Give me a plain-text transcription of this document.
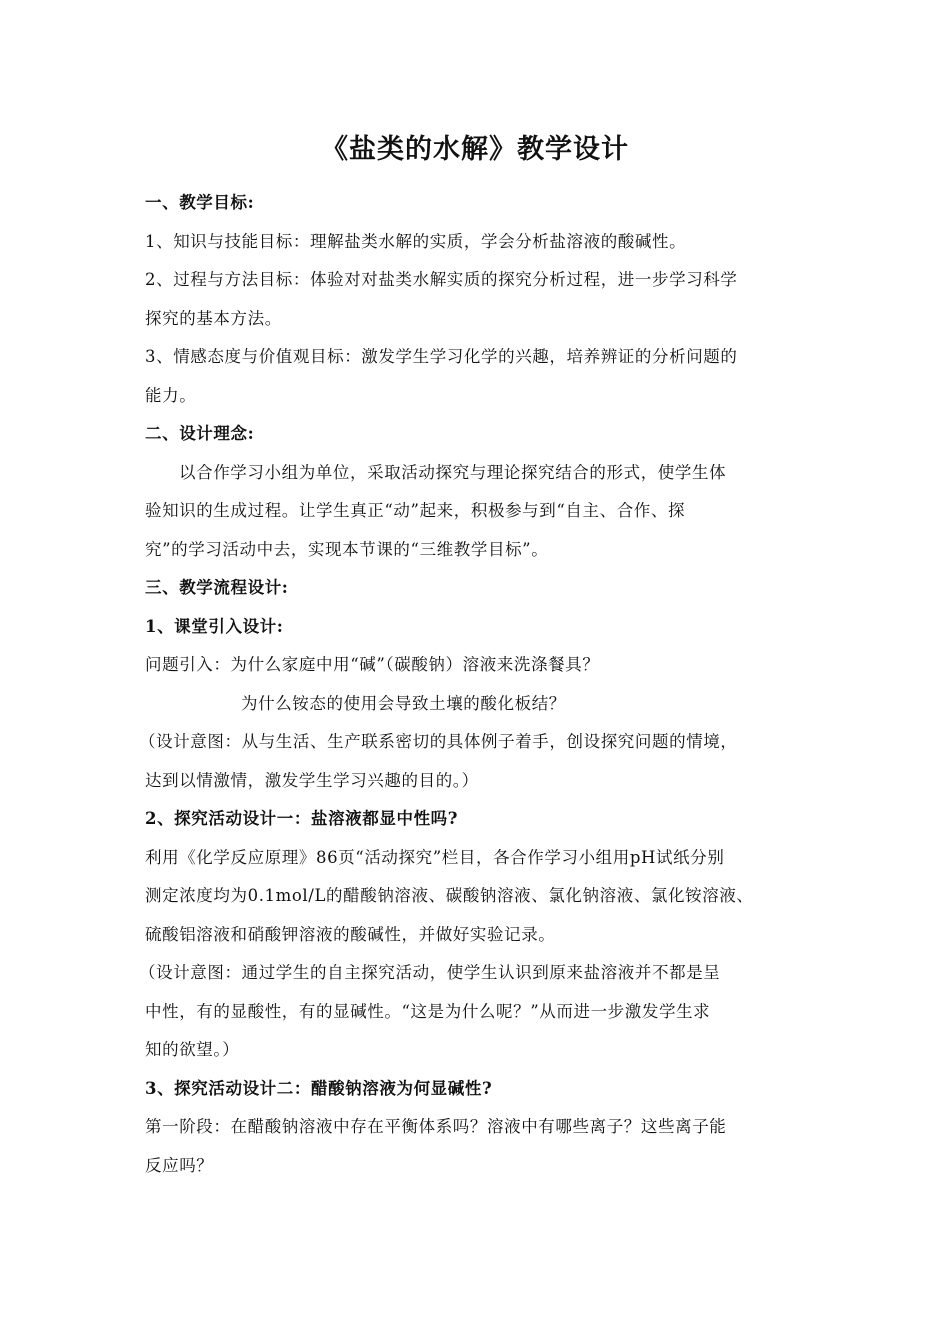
《盐类的水解》教学设计
一、教学目标:
1、知识与技能目标：理解盐类水解的实质，学会分析盐溶液的酸碱性。
2、过程与方法目标：体验对对盐类水解实质的探究分析过程，进一步学习科学
探究的基本方法。
3、情感态度与价值观目标：激发学生学习化学的兴趣，培养辨证的分析问题的
能力。
二、设计理念:
以合作学习小组为单位，采取活动探究与理论探究结合的形式，使学生体
验知识的生成过程。让学生真正“动”起来，积极参与到“自主、合作、探
究”的学习活动中去，实现本节课的“三维教学目标”。
三、教学流程设计:
1、课堂引入设计:
问题引入：为什么家庭中用“碱”（碳酸钠）溶液来洗涤餐具？
为什么铵态的使用会导致土壤的酸化板结？
（设计意图：从与生活、生产联系密切的具体例子着手，创设探究问题的情境，
达到以情激情，激发学生学习兴趣的目的。）
2、探究活动设计一：盐溶液都显中性吗?
利用《化学反应原理》86页“活动探究”栏目，各合作学习小组用pH试纸分别
测定浓度均为0.1mol/L的醋酸钠溶液、碳酸钠溶液、氯化钠溶液、氯化铵溶液、
硫酸铝溶液和硝酸钾溶液的酸碱性，并做好实验记录。
（设计意图：通过学生的自主探究活动，使学生认识到原来盐溶液并不都是呈
中性，有的显酸性，有的显碱性。“这是为什么呢？”从而进一步激发学生求
知的欲望。）
3、探究活动设计二：醋酸钠溶液为何显碱性?
第一阶段：在醋酸钠溶液中存在平衡体系吗？溶液中有哪些离子？这些离子能
反应吗？
